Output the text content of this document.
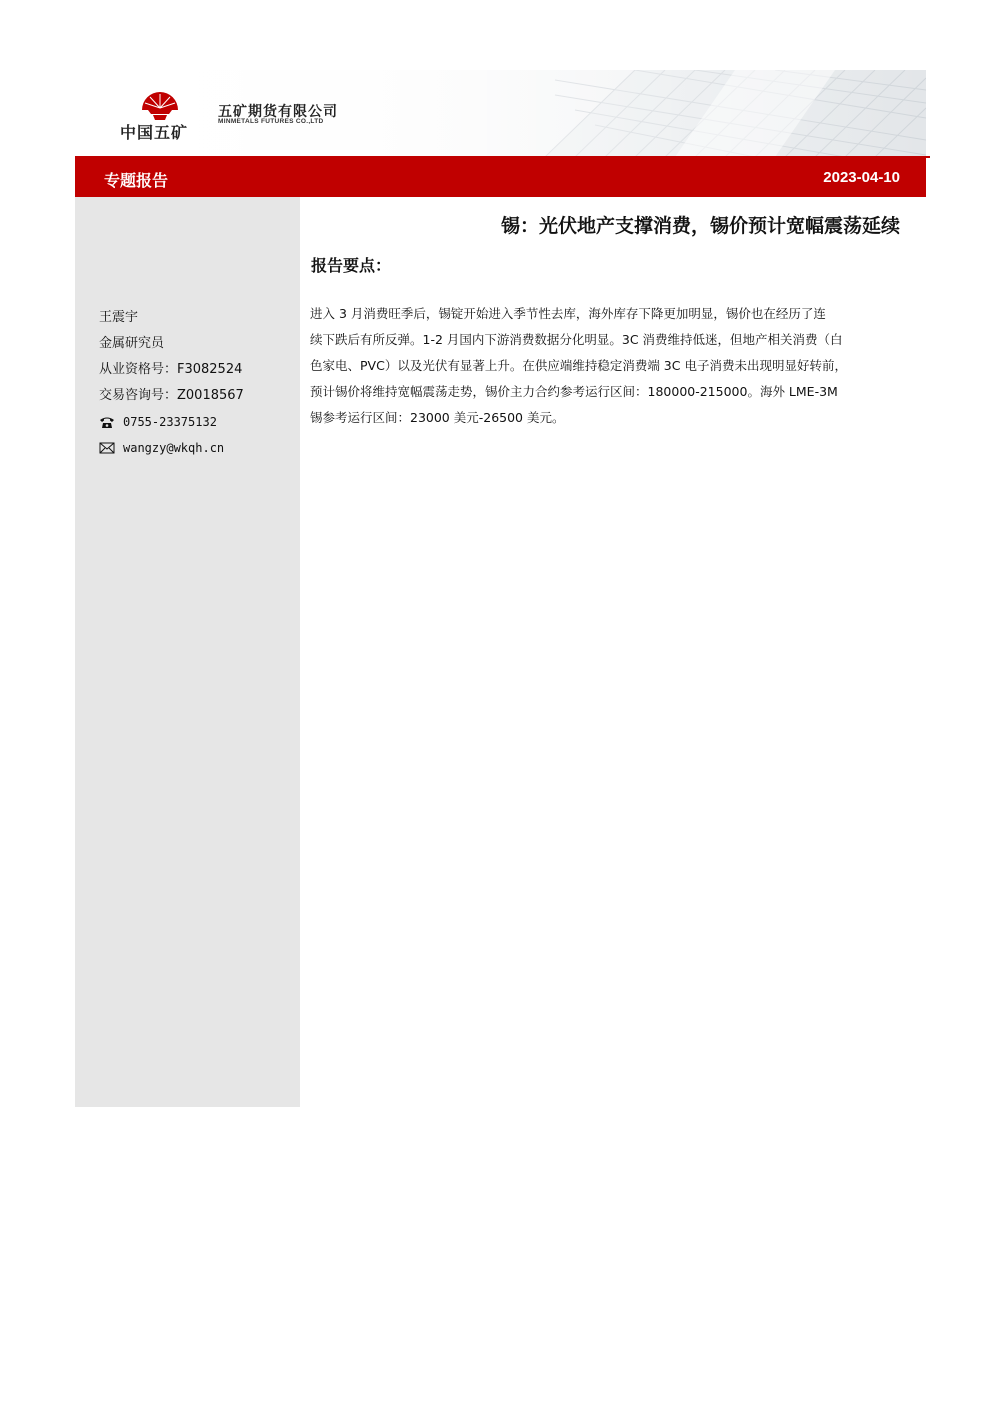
中国五矿
五矿期货有限公司
MINMETALS FUTURES CO.,LTD
专题报告	2023-04-10
王震宇
金属研究员
从业资格号：F3082524
交易咨询号：Z0018567
0755-23375132
wangzy@wkqh.cn
锡：光伏地产支撑消费，锡价预计宽幅震荡延续
报告要点：
进入 3 月消费旺季后，锡锭开始进入季节性去库，海外库存下降更加明显，锡价也在经历了连
续下跌后有所反弹。1-2 月国内下游消费数据分化明显。3C 消费维持低迷，但地产相关消费（白
色家电、PVC）以及光伏有显著上升。在供应端维持稳定消费端 3C 电子消费未出现明显好转前，
预计锡价将维持宽幅震荡走势，锡价主力合约参考运行区间：180000-215000。海外 LME-3M
锡参考运行区间：23000 美元-26500 美元。
